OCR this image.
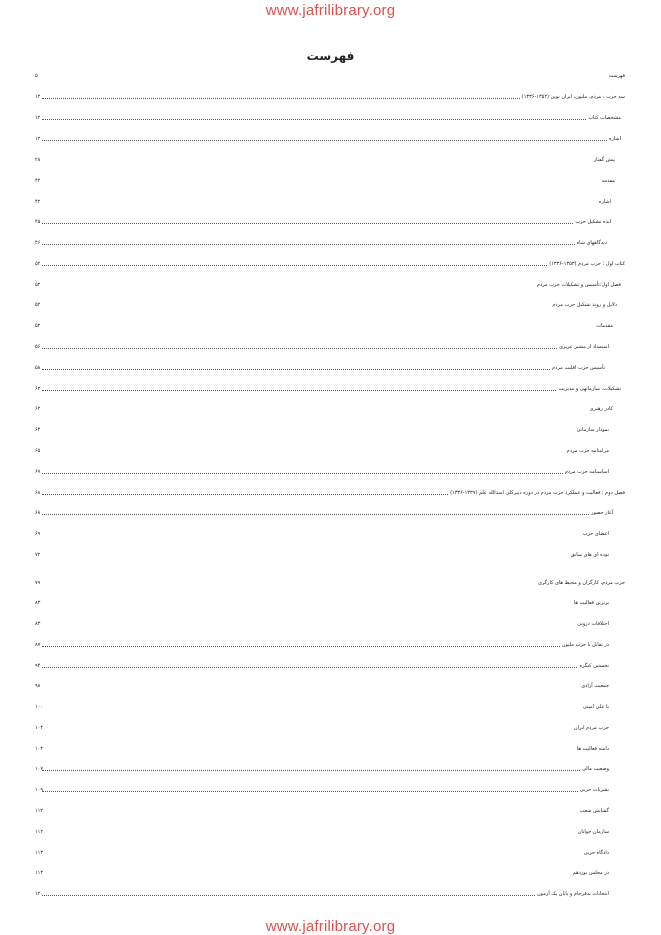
www.jafrilibrary.org
فهرست
فهرست
۵
سه حزب ، مردم، ملیون، ایران نوین (۱۳۵۲-۱۳۳۶)
۱۲
مشخصات کتاب
۱۲
اشاره
۱۲
پیش گفتار
۲۸
مقدمه
۴۲
اشاره
۴۲
ایده تشکیل حزب
۴۵
دیدگاههای شاه
۴۶
کتاب اول : حزب مردم (۱۳۵۳-۱۳۳۶)
۵۲
فصل اول:تأسیس و تشکیلات حزب مردم
۵۲
دلایل و روند تشکیل حزب مردم
۵۲
مقدمات
۵۲
استمداد از مشیر عزیزی
۵۶
تأسیس حزب اقلیت مردم
۵۸
تشکیلات، سازمانهی و مدیریت
۶۲
کادر رهبری
۶۲
نمودار سازمانی
۶۴
مرامنامه حزب مردم
۶۵
اساسنامه حزب مردم
۶۷
فصل دوم : فعالیت و عملکرد حزب مردم در دوره دبیرکلی اسدالله علم (۱۳۳۹-۱۳۳۶)
۶۸
آغاز حضور
۶۸
اعضای حزب
۶۹
توده ای های سابق
۷۲
حزب مردم، کارگران و محیط های کارگری
۷۹
برترین فعالیت ها
۸۳
اختلافات درونی
۸۳
در تقابل با حزب ملیون
۸۷
نخستین کنگره
۹۴
جمعیت آزادی
۹۸
با علی امینی
۱۰۰
حزب مردم ایران
۱۰۴
دامنه فعالیت ها
۱۰۴
وضعیت مالی
۱۰۷
نشریات حزبی
۱۰۹
گشایش شعب
۱۱۲
سازمان جوانان
۱۱۲
دادگاه حزبی
۱۱۳
در مجلس نوزدهم
۱۱۴
انتخابات بدفرجام و پایان یک آزمون
۱۲۰
www.jafrilibrary.org
